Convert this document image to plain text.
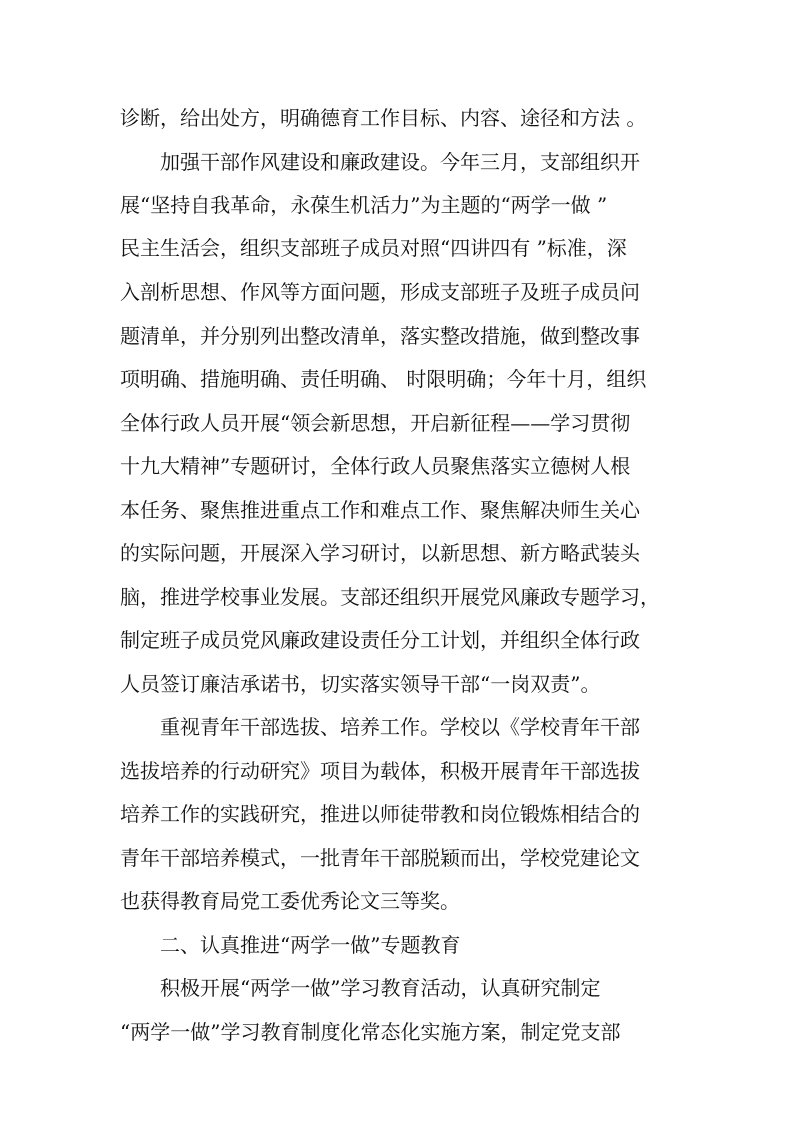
诊断，给出处方，明确德育工作目标、内容、途径和方法 。
加强干部作风建设和廉政建设。今年三月，支部组织开
展“坚持自我革命，永葆生机活力”为主题的“两学一做 ”
民主生活会，组织支部班子成员对照“四讲四有 ”标准，深
入剖析思想、作风等方面问题，形成支部班子及班子成员问
题清单，并分别列出整改清单，落实整改措施，做到整改事
项明确、措施明确、责任明确、 时限明确；今年十月，组织
全体行政人员开展“领会新思想，开启新征程——学习贯彻
十九大精神”专题研讨，全体行政人员聚焦落实立德树人根
本任务、聚焦推进重点工作和难点工作、聚焦解决师生关心
的实际问题，开展深入学习研讨，以新思想、新方略武装头
脑，推进学校事业发展。支部还组织开展党风廉政专题学习，
制定班子成员党风廉政建设责任分工计划，并组织全体行政
人员签订廉洁承诺书，切实落实领导干部“一岗双责”。
重视青年干部选拔、培养工作。学校以《学校青年干部
选拔培养的行动研究》项目为载体，积极开展青年干部选拔
培养工作的实践研究，推进以师徒带教和岗位锻炼相结合的
青年干部培养模式，一批青年干部脱颖而出，学校党建论文
也获得教育局党工委优秀论文三等奖。
二、认真推进“两学一做”专题教育
积极开展“两学一做”学习教育活动，认真研究制定
“两学一做”学习教育制度化常态化实施方案，制定党支部
